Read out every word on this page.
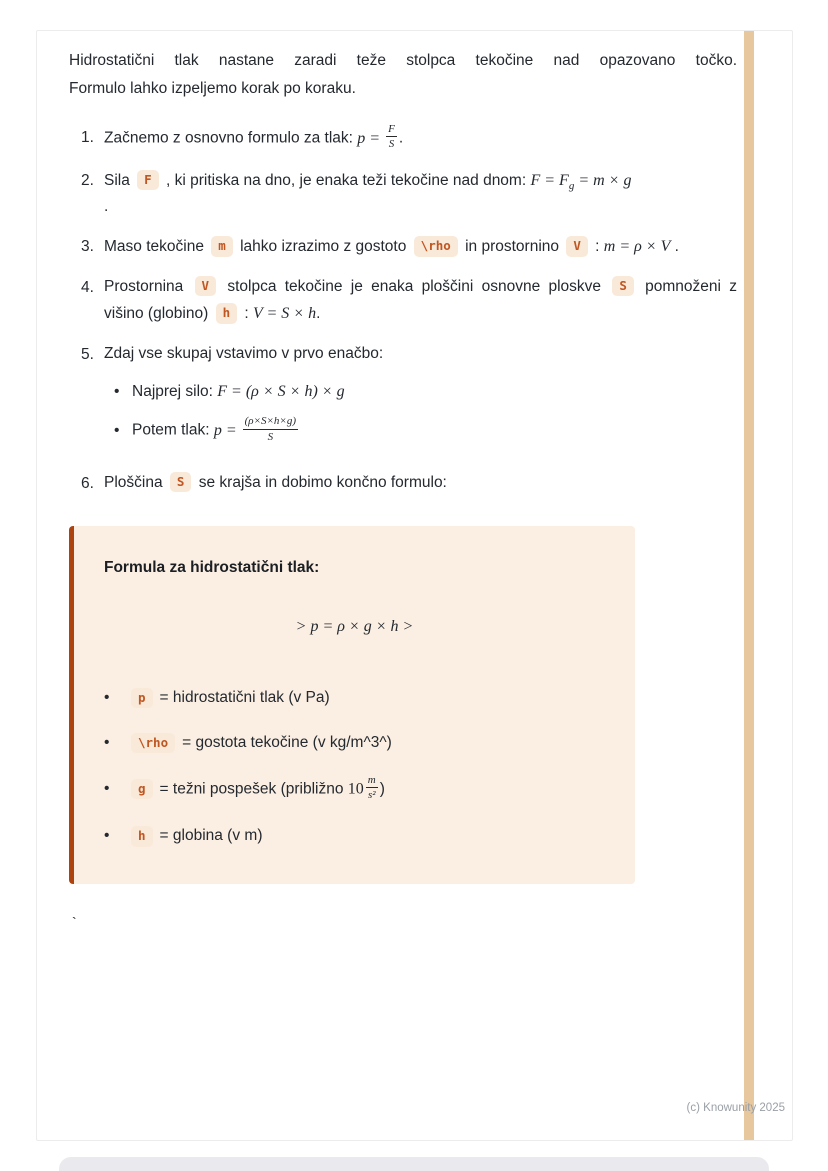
Hidrostatični tlak nastane zaradi teže stolpca tekočine nad opazovano točko.
Formulo lahko izpeljemo korak po koraku.

1. Začnemo z osnovno formulo za tlak: $p = \frac{F}{S}$ .
2. Sila F , ki pritiska na dno, je enaka teži tekočine nad dnom: $F = F_g = m \times g$
.
3. Maso tekočine m lahko izrazimo z gostoto \rho in prostornino V : m = ρ × V .
4. Prostornina V stolpca tekočine je enaka ploščini osnovne ploskve S pomnoženi z višino (globino) h : V = S × h.
5. Zdaj vse skupaj vstavimo v prvo enačbo:
•
Najprej silo: F = (ρ × S × h) × g
•
Potem tlak: $p = \frac{(\rho\times S\times h\times g)}{S}$
6. Ploščina S se krajša in dobimo končno formulo:
Formula za hidrostatični tlak:
> p = ρ × g × h >
•
p = hidrostatični tlak (v Pa)
•
\rho = gostota tekočine (v kg/m^3^)
•
g = težni pospešek (približno $10 \frac{m}{\text{s²}}$ )
•
h = globina (v m)
`
(c) Knowunity 2025
